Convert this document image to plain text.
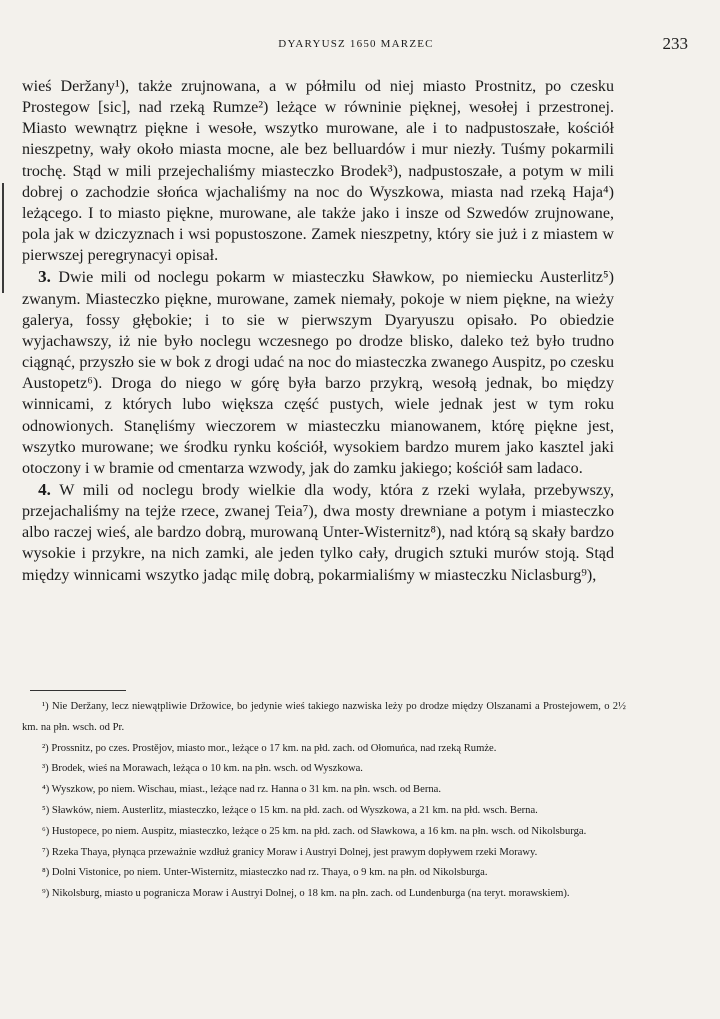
DYARYUSZ 1650 MARZEC	233

wieś Deržany¹), także zrujnowana, a w półmilu od niej miasto Prostnitz, po czesku Prostegow [sic], nad rzeką Rumze²) leżące w równinie pięknej, wesołej i przestronej. Miasto wewnątrz piękne i wesołe, wszytko murowane, ale i to nadpustoszałe, kościół nieszpetny, wały około miasta mocne, ale bez belluardów i mur niezły. Tuśmy pokarmili trochę. Stąd w mili przejechaliśmy miasteczko Brodek³), nadpustoszałe, a potym w mili dobrej o zachodzie słońca wjachaliśmy na noc do Wyszkowa, miasta nad rzeką Haja⁴) leżącego. I to miasto piękne, murowane, ale także jako i insze od Szwedów zrujnowane, pola jak w dziczyznach i wsi popustoszone. Zamek nieszpetny, który sie już i z miastem w pierwszej peregrynacyi opisał.

 3. Dwie mili od noclegu pokarm w miasteczku Sławkow, po niemiecku Austerlitz⁵) zwanym. Miasteczko piękne, murowane, zamek niemały, pokoje w niem piękne, na wieży galerya, fossy głębokie; i to sie w pierwszym Dyaryuszu opisało. Po obiedzie wyjachawszy, iż nie było noclegu wczesnego po drodze blisko, daleko też było trudno ciągnąć, przyszło sie w bok z drogi udać na noc do miasteczka zwanego Auspitz, po czesku Austopetz⁶). Droga do niego w górę była barzo przykrą, wesołą jednak, bo między winnicami, z których lubo większa część pustych, wiele jednak jest w tym roku odnowionych. Stanęliśmy wieczorem w miasteczku mianowanem, którę piękne jest, wszytko murowane; we środku rynku kościół, wysokiem bardzo murem jako kasztel jaki otoczony i w bramie od cmentarza wzwody, jak do zamku jakiego; kościół sam ladaco.

 4. W mili od noclegu brody wielkie dla wody, która z rzeki wylała, przebywszy, przejachaliśmy na tejże rzece, zwanej Teia⁷), dwa mosty drewniane a potym i miasteczko albo raczej wieś, ale bardzo dobrą, murowaną Unter-Wisternitz⁸), nad którą są skały bardzo wysokie i przykre, na nich zamki, ale jeden tylko cały, drugich sztuki murów stoją. Stąd między winnicami wszytko jadąc milę dobrą, pokarmialiśmy w miasteczku Niclasburg⁹),

¹) Nie Deržany, lecz niewątpliwie Držowice, bo jedynie wieś takiego nazwiska leży po drodze między Olszanami a Prostejowem, o 2½ km. na płn. wsch. od Pr.

²) Prossnitz, po czes. Prostějov, miasto mor., leżące o 17 km. na płd. zach. od Ołomuńca, nad rzeką Rumże.

³) Brodek, wieś na Morawach, leżąca o 10 km. na płn. wsch. od Wyszkowa.

⁴) Wyszkow, po niem. Wischau, miast., leżące nad rz. Hanna o 31 km. na płn. wsch. od Berna.

⁵) Sławków, niem. Austerlitz, miasteczko, leżące o 15 km. na płd. zach. od Wyszkowa, a 21 km. na płd. wsch. Berna.

⁶) Hustopece, po niem. Auspitz, miasteczko, leżące o 25 km. na płd. zach. od Sławkowa, a 16 km. na płn. wsch. od Nikolsburga.

⁷) Rzeka Thaya, płynąca przeważnie wzdłuż granicy Moraw i Austryi Dolnej, jest prawym dopływem rzeki Morawy.

⁸) Dolni Vistonice, po niem. Unter-Wisternitz, miasteczko nad rz. Thaya, o 9 km. na płn. od Nikolsburga.

⁹) Nikolsburg, miasto u pogranicza Moraw i Austryi Dolnej, o 18 km. na płn. zach. od Lundenburga (na teryt. morawskiem).
